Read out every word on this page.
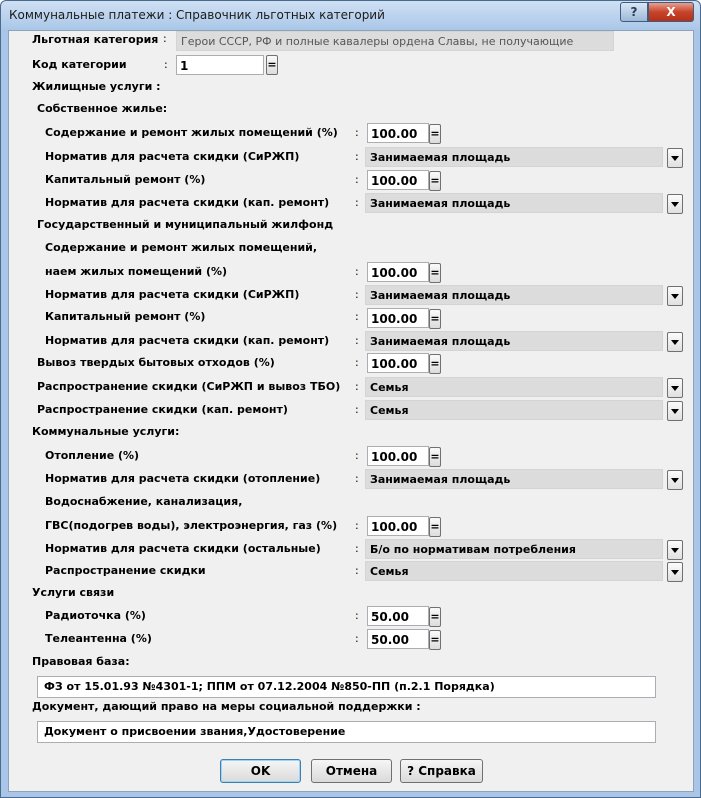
Коммунальные платежи : Справочник льготных категорий	?	X
Льготная категория :	Герои СССР, РФ и полные кавалеры ордена Славы, не получающие
Код категории	:	1	=
Жилищные услуги :
Собственное жилье:
Содержание и ремонт жилых помещений (%) :	100.00	=
Норматив для расчета скидки (СиРЖП)	:	Занимаемая площадь
Капитальный ремонт (%)	:	100.00	=
Норматив для расчета скидки (кап. ремонт) :	Занимаемая площадь
Государственный и муниципальный жилфонд
Содержание и ремонт жилых помещений,
наем жилых помещений (%)	:	100.00	=
Норматив для расчета скидки (СиРЖП)	:	Занимаемая площадь
Капитальный ремонт (%)	:	100.00	=
Норматив для расчета скидки (кап. ремонт) :	Занимаемая площадь
Вывоз твердых бытовых отходов (%)	:	100.00	=
Распространение скидки (СиРЖП и вывоз ТБО) :	Семья
Распространение скидки (кап. ремонт)	:	Семья
Коммунальные услуги:
Отопление (%)	:	100.00	=
Норматив для расчета скидки (отопление)	:	Занимаемая площадь
Водоснабжение, канализация,
ГВС(подогрев воды), электроэнергия, газ (%) :	100.00	=
Норматив для расчета скидки (остальные)	:	Б/о по нормативам потребления
Распространение скидки	:	Семья
Услуги связи
Радиоточка (%)	:	50.00	=
Телеантенна (%)	:	50.00	=
Правовая база:
ФЗ от 15.01.93 №4301-1; ППМ от 07.12.2004 №850-ПП (п.2.1 Порядка)
Документ, дающий право на меры социальной поддержки :
Документ о присвоении звания,Удостоверение
OK	Отмена	? Справка
